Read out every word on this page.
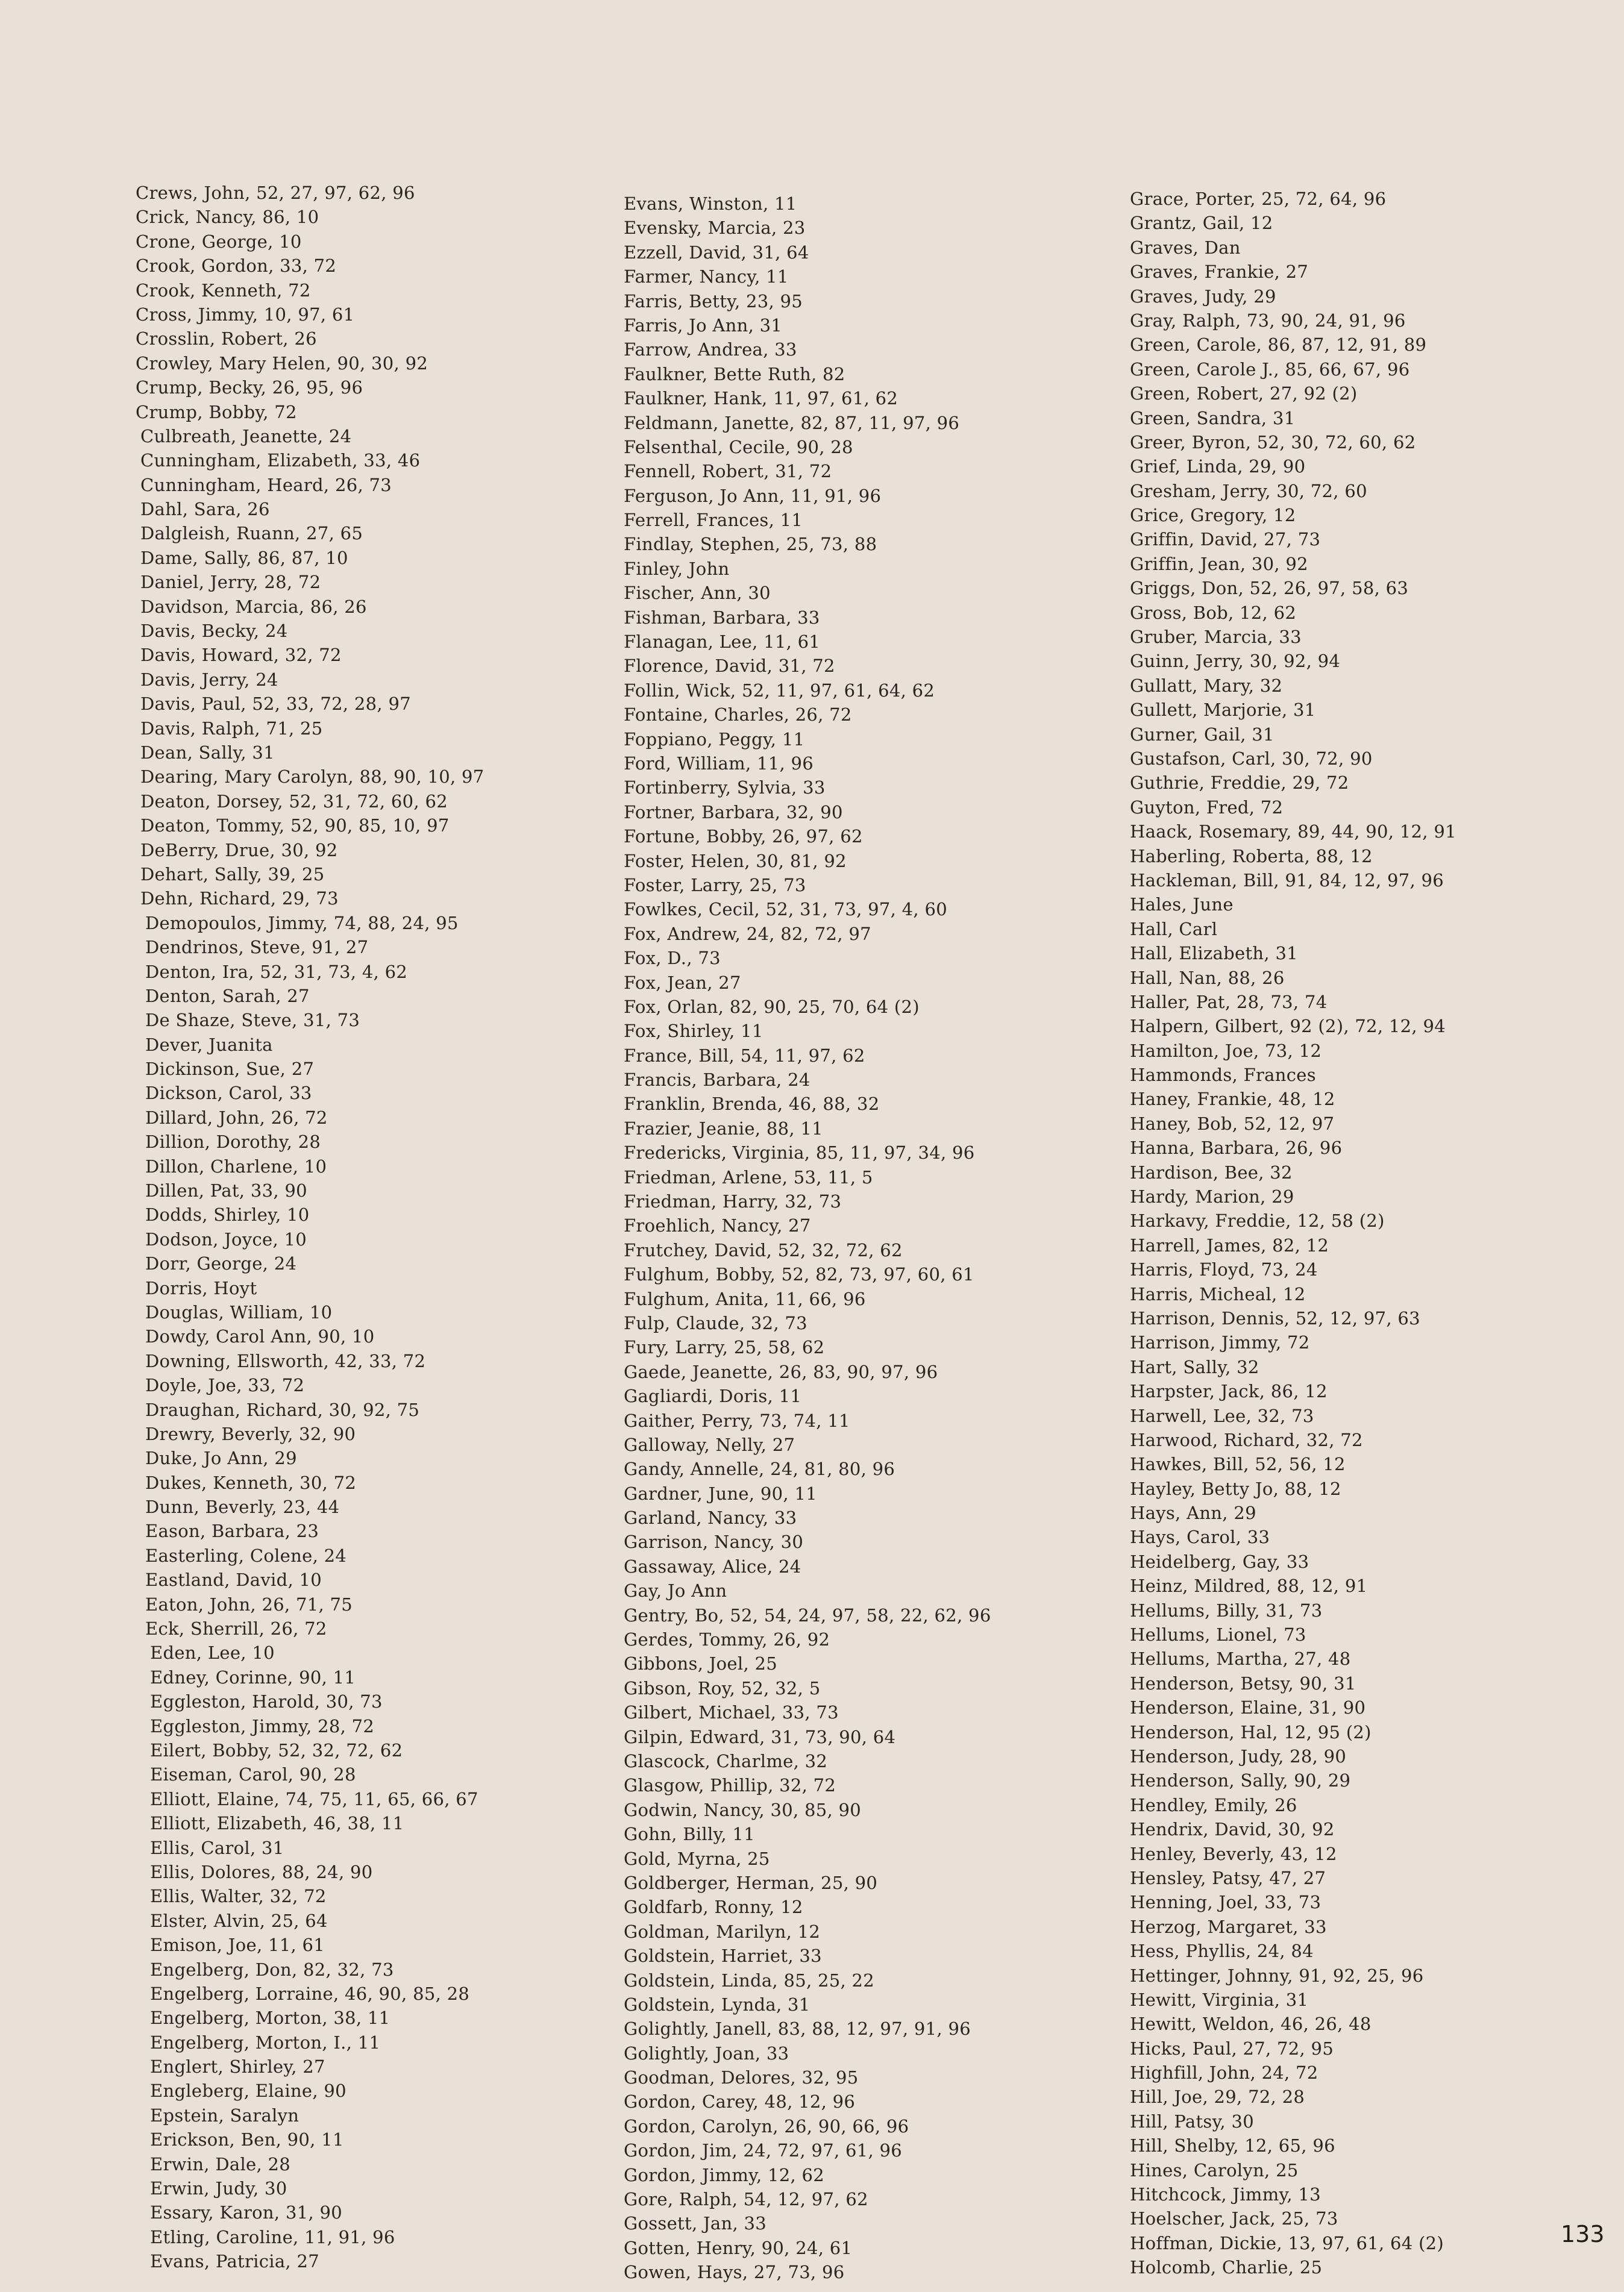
Crews, John, 52, 27, 97, 62, 96
Crick, Nancy, 86, 10
Crone, George, 10
Crook, Gordon, 33, 72
Crook, Kenneth, 72
Cross, Jimmy, 10, 97, 61
Crosslin, Robert, 26
Crowley, Mary Helen, 90, 30, 92
Crump, Becky, 26, 95, 96
Crump, Bobby, 72
Culbreath, Jeanette, 24
Cunningham, Elizabeth, 33, 46
Cunningham, Heard, 26, 73
Dahl, Sara, 26
Dalgleish, Ruann, 27, 65
Dame, Sally, 86, 87, 10
Daniel, Jerry, 28, 72
Davidson, Marcia, 86, 26
Davis, Becky, 24
Davis, Howard, 32, 72
Davis, Jerry, 24
Davis, Paul, 52, 33, 72, 28, 97
Davis, Ralph, 71, 25
Dean, Sally, 31
Dearing, Mary Carolyn, 88, 90, 10, 97
Deaton, Dorsey, 52, 31, 72, 60, 62
Deaton, Tommy, 52, 90, 85, 10, 97
DeBerry, Drue, 30, 92
Dehart, Sally, 39, 25
Dehn, Richard, 29, 73
Demopoulos, Jimmy, 74, 88, 24, 95
Dendrinos, Steve, 91, 27
Denton, Ira, 52, 31, 73, 4, 62
Denton, Sarah, 27
De Shaze, Steve, 31, 73
Dever, Juanita
Dickinson, Sue, 27
Dickson, Carol, 33
Dillard, John, 26, 72
Dillion, Dorothy, 28
Dillon, Charlene, 10
Dillen, Pat, 33, 90
Dodds, Shirley, 10
Dodson, Joyce, 10
Dorr, George, 24
Dorris, Hoyt
Douglas, William, 10
Dowdy, Carol Ann, 90, 10
Downing, Ellsworth, 42, 33, 72
Doyle, Joe, 33, 72
Draughan, Richard, 30, 92, 75
Drewry, Beverly, 32, 90
Duke, Jo Ann, 29
Dukes, Kenneth, 30, 72
Dunn, Beverly, 23, 44
Eason, Barbara, 23
Easterling, Colene, 24
Eastland, David, 10
Eaton, John, 26, 71, 75
Eck, Sherrill, 26, 72
Eden, Lee, 10
Edney, Corinne, 90, 11
Eggleston, Harold, 30, 73
Eggleston, Jimmy, 28, 72
Eilert, Bobby, 52, 32, 72, 62
Eiseman, Carol, 90, 28
Elliott, Elaine, 74, 75, 11, 65, 66, 67
Elliott, Elizabeth, 46, 38, 11
Ellis, Carol, 31
Ellis, Dolores, 88, 24, 90
Ellis, Walter, 32, 72
Elster, Alvin, 25, 64
Emison, Joe, 11, 61
Engelberg, Don, 82, 32, 73
Engelberg, Lorraine, 46, 90, 85, 28
Engelberg, Morton, 38, 11
Engelberg, Morton, I., 11
Englert, Shirley, 27
Engleberg, Elaine, 90
Epstein, Saralyn
Erickson, Ben, 90, 11
Erwin, Dale, 28
Erwin, Judy, 30
Essary, Karon, 31, 90
Etling, Caroline, 11, 91, 96
Evans, Patricia, 27
Evans, Winston, 11
Evensky, Marcia, 23
Ezzell, David, 31, 64
Farmer, Nancy, 11
Farris, Betty, 23, 95
Farris, Jo Ann, 31
Farrow, Andrea, 33
Faulkner, Bette Ruth, 82
Faulkner, Hank, 11, 97, 61, 62
Feldmann, Janette, 82, 87, 11, 97, 96
Felsenthal, Cecile, 90, 28
Fennell, Robert, 31, 72
Ferguson, Jo Ann, 11, 91, 96
Ferrell, Frances, 11
Findlay, Stephen, 25, 73, 88
Finley, John
Fischer, Ann, 30
Fishman, Barbara, 33
Flanagan, Lee, 11, 61
Florence, David, 31, 72
Follin, Wick, 52, 11, 97, 61, 64, 62
Fontaine, Charles, 26, 72
Foppiano, Peggy, 11
Ford, William, 11, 96
Fortinberry, Sylvia, 33
Fortner, Barbara, 32, 90
Fortune, Bobby, 26, 97, 62
Foster, Helen, 30, 81, 92
Foster, Larry, 25, 73
Fowlkes, Cecil, 52, 31, 73, 97, 4, 60
Fox, Andrew, 24, 82, 72, 97
Fox, D., 73
Fox, Jean, 27
Fox, Orlan, 82, 90, 25, 70, 64 (2)
Fox, Shirley, 11
France, Bill, 54, 11, 97, 62
Francis, Barbara, 24
Franklin, Brenda, 46, 88, 32
Frazier, Jeanie, 88, 11
Fredericks, Virginia, 85, 11, 97, 34, 96
Friedman, Arlene, 53, 11, 5
Friedman, Harry, 32, 73
Froehlich, Nancy, 27
Frutchey, David, 52, 32, 72, 62
Fulghum, Bobby, 52, 82, 73, 97, 60, 61
Fulghum, Anita, 11, 66, 96
Fulp, Claude, 32, 73
Fury, Larry, 25, 58, 62
Gaede, Jeanette, 26, 83, 90, 97, 96
Gagliardi, Doris, 11
Gaither, Perry, 73, 74, 11
Galloway, Nelly, 27
Gandy, Annelle, 24, 81, 80, 96
Gardner, June, 90, 11
Garland, Nancy, 33
Garrison, Nancy, 30
Gassaway, Alice, 24
Gay, Jo Ann
Gentry, Bo, 52, 54, 24, 97, 58, 22, 62, 96
Gerdes, Tommy, 26, 92
Gibbons, Joel, 25
Gibson, Roy, 52, 32, 5
Gilbert, Michael, 33, 73
Gilpin, Edward, 31, 73, 90, 64
Glascock, Charlme, 32
Glasgow, Phillip, 32, 72
Godwin, Nancy, 30, 85, 90
Gohn, Billy, 11
Gold, Myrna, 25
Goldberger, Herman, 25, 90
Goldfarb, Ronny, 12
Goldman, Marilyn, 12
Goldstein, Harriet, 33
Goldstein, Linda, 85, 25, 22
Goldstein, Lynda, 31
Golightly, Janell, 83, 88, 12, 97, 91, 96
Golightly, Joan, 33
Goodman, Delores, 32, 95
Gordon, Carey, 48, 12, 96
Gordon, Carolyn, 26, 90, 66, 96
Gordon, Jim, 24, 72, 97, 61, 96
Gordon, Jimmy, 12, 62
Gore, Ralph, 54, 12, 97, 62
Gossett, Jan, 33
Gotten, Henry, 90, 24, 61
Gowen, Hays, 27, 73, 96
Grace, Porter, 25, 72, 64, 96
Grantz, Gail, 12
Graves, Dan
Graves, Frankie, 27
Graves, Judy, 29
Gray, Ralph, 73, 90, 24, 91, 96
Green, Carole, 86, 87, 12, 91, 89
Green, Carole J., 85, 66, 67, 96
Green, Robert, 27, 92 (2)
Green, Sandra, 31
Greer, Byron, 52, 30, 72, 60, 62
Grief, Linda, 29, 90
Gresham, Jerry, 30, 72, 60
Grice, Gregory, 12
Griffin, David, 27, 73
Griffin, Jean, 30, 92
Griggs, Don, 52, 26, 97, 58, 63
Gross, Bob, 12, 62
Gruber, Marcia, 33
Guinn, Jerry, 30, 92, 94
Gullatt, Mary, 32
Gullett, Marjorie, 31
Gurner, Gail, 31
Gustafson, Carl, 30, 72, 90
Guthrie, Freddie, 29, 72
Guyton, Fred, 72
Haack, Rosemary, 89, 44, 90, 12, 91
Haberling, Roberta, 88, 12
Hackleman, Bill, 91, 84, 12, 97, 96
Hales, June
Hall, Carl
Hall, Elizabeth, 31
Hall, Nan, 88, 26
Haller, Pat, 28, 73, 74
Halpern, Gilbert, 92 (2), 72, 12, 94
Hamilton, Joe, 73, 12
Hammonds, Frances
Haney, Frankie, 48, 12
Haney, Bob, 52, 12, 97
Hanna, Barbara, 26, 96
Hardison, Bee, 32
Hardy, Marion, 29
Harkavy, Freddie, 12, 58 (2)
Harrell, James, 82, 12
Harris, Floyd, 73, 24
Harris, Micheal, 12
Harrison, Dennis, 52, 12, 97, 63
Harrison, Jimmy, 72
Hart, Sally, 32
Harpster, Jack, 86, 12
Harwell, Lee, 32, 73
Harwood, Richard, 32, 72
Hawkes, Bill, 52, 56, 12
Hayley, Betty Jo, 88, 12
Hays, Ann, 29
Hays, Carol, 33
Heidelberg, Gay, 33
Heinz, Mildred, 88, 12, 91
Hellums, Billy, 31, 73
Hellums, Lionel, 73
Hellums, Martha, 27, 48
Henderson, Betsy, 90, 31
Henderson, Elaine, 31, 90
Henderson, Hal, 12, 95 (2)
Henderson, Judy, 28, 90
Henderson, Sally, 90, 29
Hendley, Emily, 26
Hendrix, David, 30, 92
Henley, Beverly, 43, 12
Hensley, Patsy, 47, 27
Henning, Joel, 33, 73
Herzog, Margaret, 33
Hess, Phyllis, 24, 84
Hettinger, Johnny, 91, 92, 25, 96
Hewitt, Virginia, 31
Hewitt, Weldon, 46, 26, 48
Hicks, Paul, 27, 72, 95
Highfill, John, 24, 72
Hill, Joe, 29, 72, 28
Hill, Patsy, 30
Hill, Shelby, 12, 65, 96
Hines, Carolyn, 25
Hitchcock, Jimmy, 13
Hoelscher, Jack, 25, 73
Hoffman, Dickie, 13, 97, 61, 64 (2)
Holcomb, Charlie, 25
133
